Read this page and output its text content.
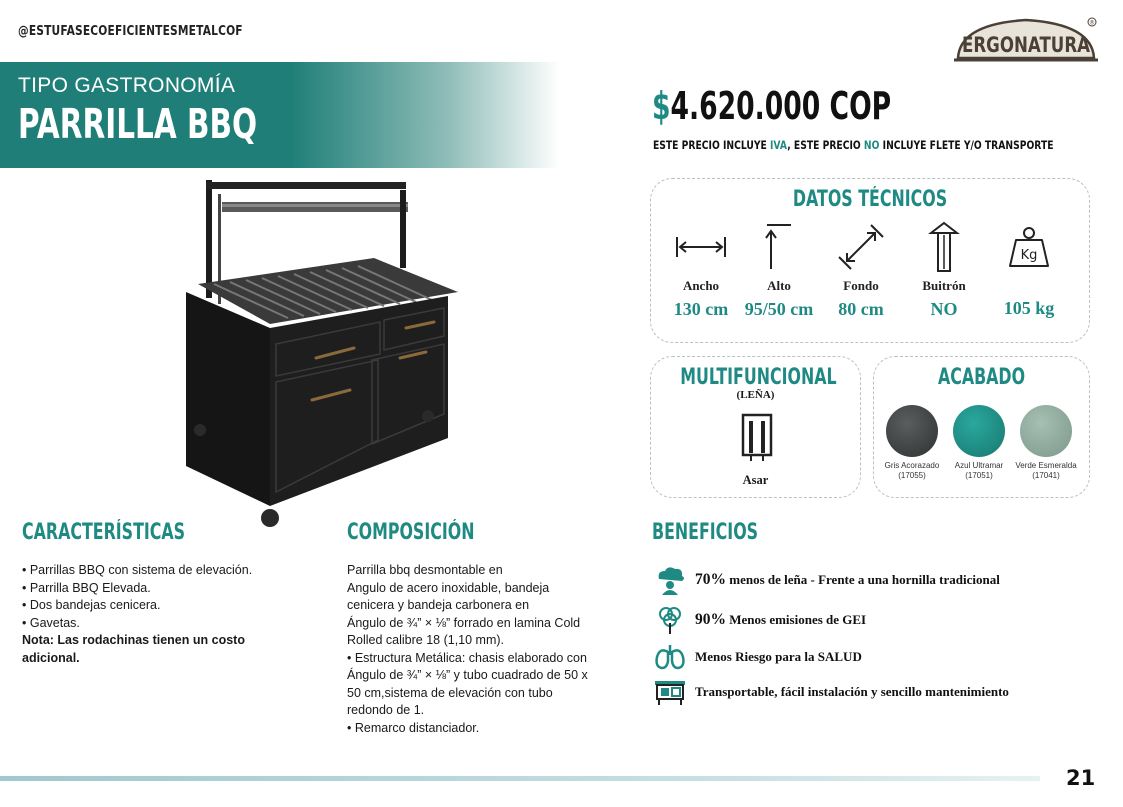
@ESTUFASECOEFICIENTESMETALCOF
ERGONATURA
®
TIPO GASTRONOMÍA
PARRILLA BBQ	$4.620.000 COP
ESTE PRECIO INCLUYE IVA, ESTE PRECIO NO INCLUYE FLETE Y/O TRANSPORTE
DATOS TÉCNICOS
Ancho
130 cm
Alto
95/50 cm
Fondo
80 cm
Buitrón
NO
Kg
105 kg
MULTIFUNCIONAL
(LEÑA)
Asar
ACABADO
Gris Acorazado
(17055)
Azul Ultramar
(17051)
Verde Esmeralda
(17041)
CARACTERÍSTICAS
• Parrillas BBQ con sistema de elevación.
• Parrilla BBQ Elevada.
• Dos bandejas cenicera.
• Gavetas.
Nota: Las rodachinas tienen un costo adicional.
COMPOSICIÓN
Parrilla bbq desmontable en
Angulo de acero inoxidable, bandeja
cenicera y bandeja carbonera en
Ángulo de ¾” × ⅛” forrado en lamina Cold
Rolled calibre 18 (1,10 mm).
• Estructura Metálica: chasis elaborado con
Ángulo de ¾” × ⅛” y tubo cuadrado de 50 x
50 cm,sistema de elevación con tubo
redondo de 1.
• Remarco distanciador.
BENEFICIOS
70% menos de leña - Frente a una hornilla tradicional
90% Menos emisiones de GEI
Menos Riesgo para la SALUD
Transportable, fácil instalación y sencillo mantenimiento
21
